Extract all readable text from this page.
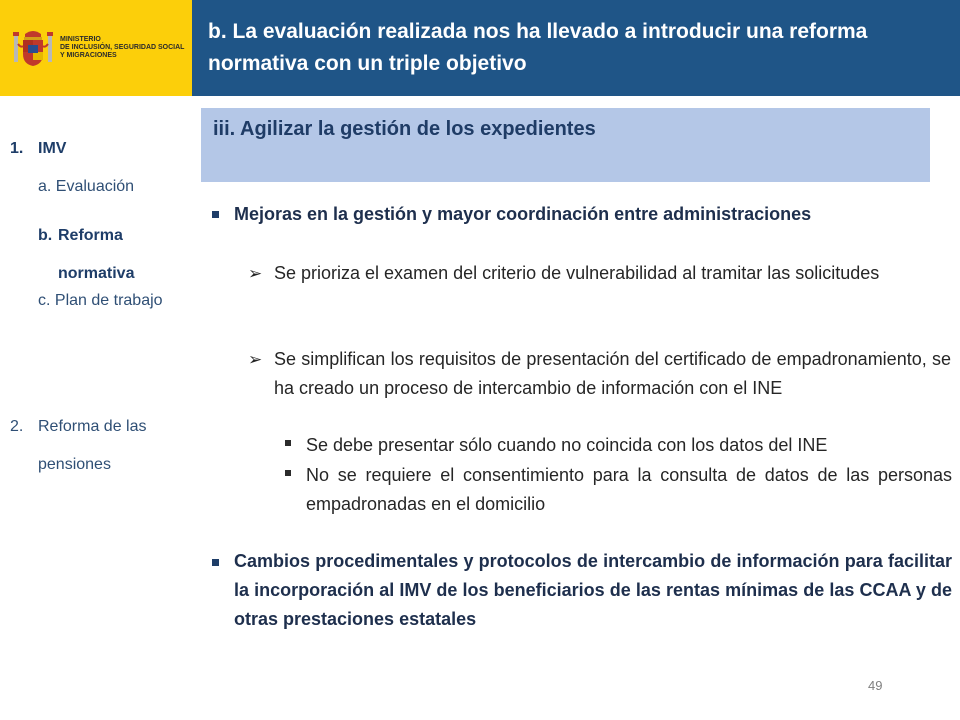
MINISTERIO
DE INCLUSIÓN, SEGURIDAD SOCIAL
Y MIGRACIONES
b. La evaluación realizada nos ha llevado a introducir una reforma normativa con un triple objetivo
1. IMV
a. Evaluación
b. Reforma normativa
c. Plan de trabajo
2. Reforma de las pensiones
iii. Agilizar la gestión de los expedientes
Mejoras en la gestión y mayor coordinación entre administraciones
➢ Se prioriza el examen del criterio de vulnerabilidad al tramitar las solicitudes
➢ Se simplifican los requisitos de presentación del certificado de empadronamiento, se ha creado un proceso de intercambio de información con el INE
Se debe presentar sólo cuando no coincida con los datos del INE
No se requiere el consentimiento para la consulta de datos de las personas empadronadas en el domicilio
Cambios procedimentales y protocolos de intercambio de información para facilitar la incorporación al IMV de los beneficiarios de las rentas mínimas de las CCAA y de otras prestaciones estatales
49
